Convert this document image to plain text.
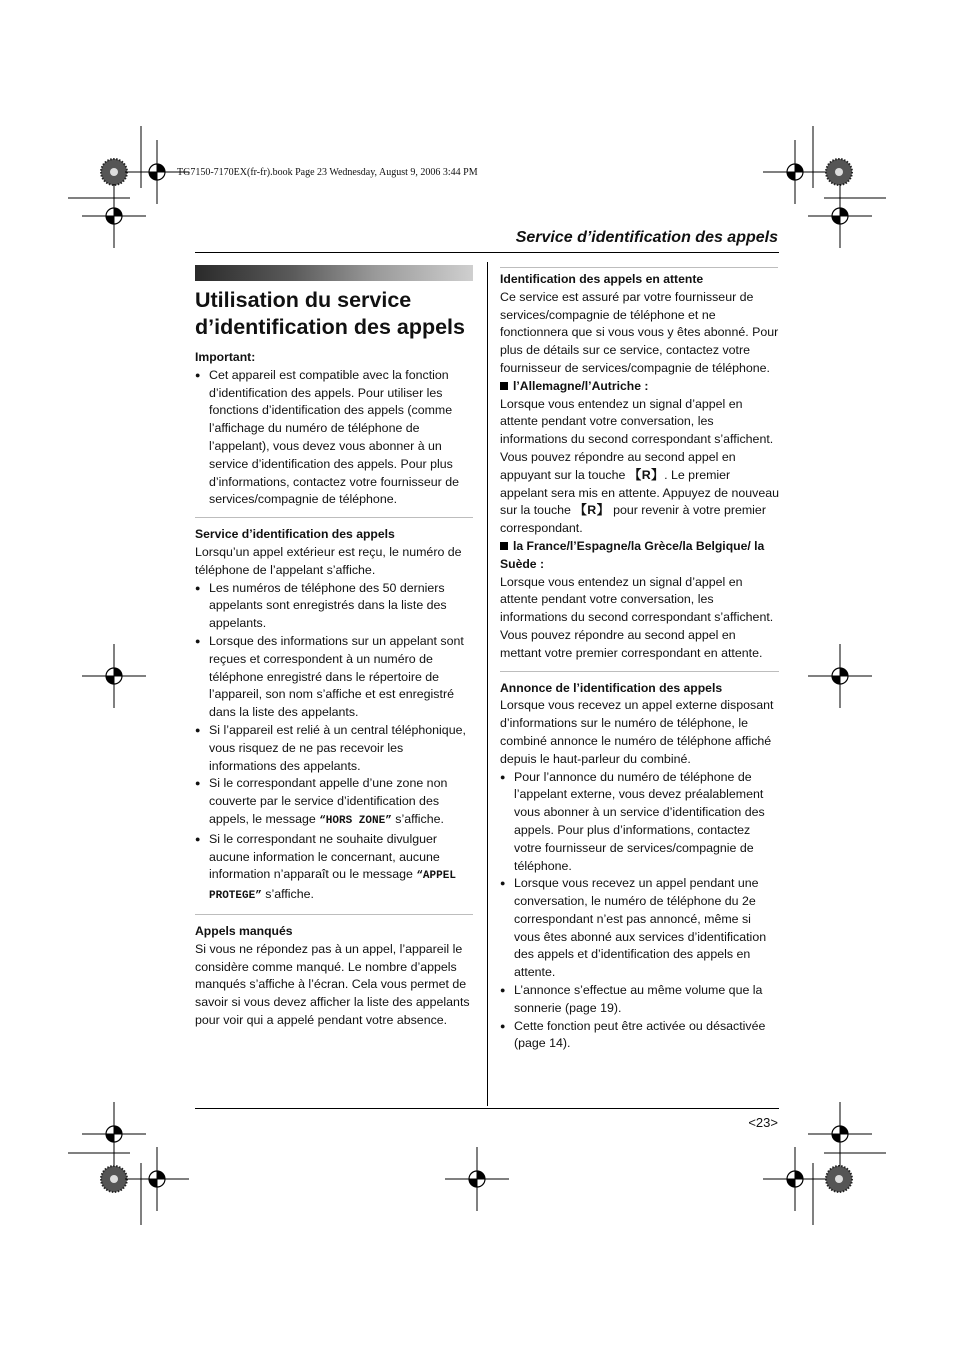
TG7150-7170EX(fr-fr).book Page 23 Wednesday, August 9, 2006 3:44 PM
Service d’identification des appels
Utilisation du service
d’identification des appels

Important:

● Cet appareil est compatible avec la fonction d’identification des appels. Pour utiliser les fonctions d’identification des appels (comme l’affichage du numéro de téléphone de l’appelant), vous devez vous abonner à un service d’identification des appels. Pour plus d’informations, contactez votre fournisseur de services/compagnie de téléphone.

Service d’identification des appels

Lorsqu’un appel extérieur est reçu, le numéro de téléphone de l’appelant s’affiche.

● Les numéros de téléphone des 50 derniers appelants sont enregistrés dans la liste des appelants.
● Lorsque des informations sur un appelant sont reçues et correspondent à un numéro de téléphone enregistré dans le répertoire de l’appareil, son nom s’affiche et est enregistré dans la liste des appelants.
● Si l’appareil est relié à un central téléphonique, vous risquez de ne pas recevoir les informations des appelants.
● Si le correspondant appelle d’une zone non couverte par le service d’identification des appels, le message “HORS ZONE” s’affiche.
● Si le correspondant ne souhaite divulguer aucune information le concernant, aucune information n’apparaît ou le message “APPEL PROTEGE” s’affiche.

Appels manqués

Si vous ne répondez pas à un appel, l’appareil le considère comme manqué. Le nombre d’appels manqués s’affiche à l’écran. Cela vous permet de savoir si vous devez afficher la liste des appelants pour voir qui a appelé pendant votre absence.

Identification des appels en attente

Ce service est assuré par votre fournisseur de services/compagnie de téléphone et ne fonctionnera que si vous vous y êtes abonné. Pour plus de détails sur ce service, contactez votre fournisseur de services/compagnie de téléphone.

l’Allemagne/l’Autriche :

Lorsque vous entendez un signal d’appel en attente pendant votre conversation, les informations du second correspondant s’affichent. Vous pouvez répondre au second appel en appuyant sur la touche 【R】. Le premier appelant sera mis en attente. Appuyez de nouveau sur la touche 【R】 pour revenir à votre premier correspondant.

la France/l’Espagne/la Grèce/la Belgique/ la Suède :

Lorsque vous entendez un signal d’appel en attente pendant votre conversation, les informations du second correspondant s’affichent. Vous pouvez répondre au second appel en mettant votre premier correspondant en attente.

Annonce de l’identification des appels

Lorsque vous recevez un appel externe disposant d’informations sur le numéro de téléphone, le combiné annonce le numéro de téléphone affiché depuis le haut-parleur du combiné.

● Pour l’annonce du numéro de téléphone de l’appelant externe, vous devez préalablement vous abonner à un service d’identification des appels. Pour plus d’informations, contactez votre fournisseur de services/compagnie de téléphone.
● Lorsque vous recevez un appel pendant une conversation, le numéro de téléphone du 2e correspondant n’est pas annoncé, même si vous êtes abonné aux services d’identification des appels et d’identification des appels en attente.
● L’annonce s’effectue au même volume que la sonnerie (page 19).
● Cette fonction peut être activée ou désactivée (page 14).
<23>
